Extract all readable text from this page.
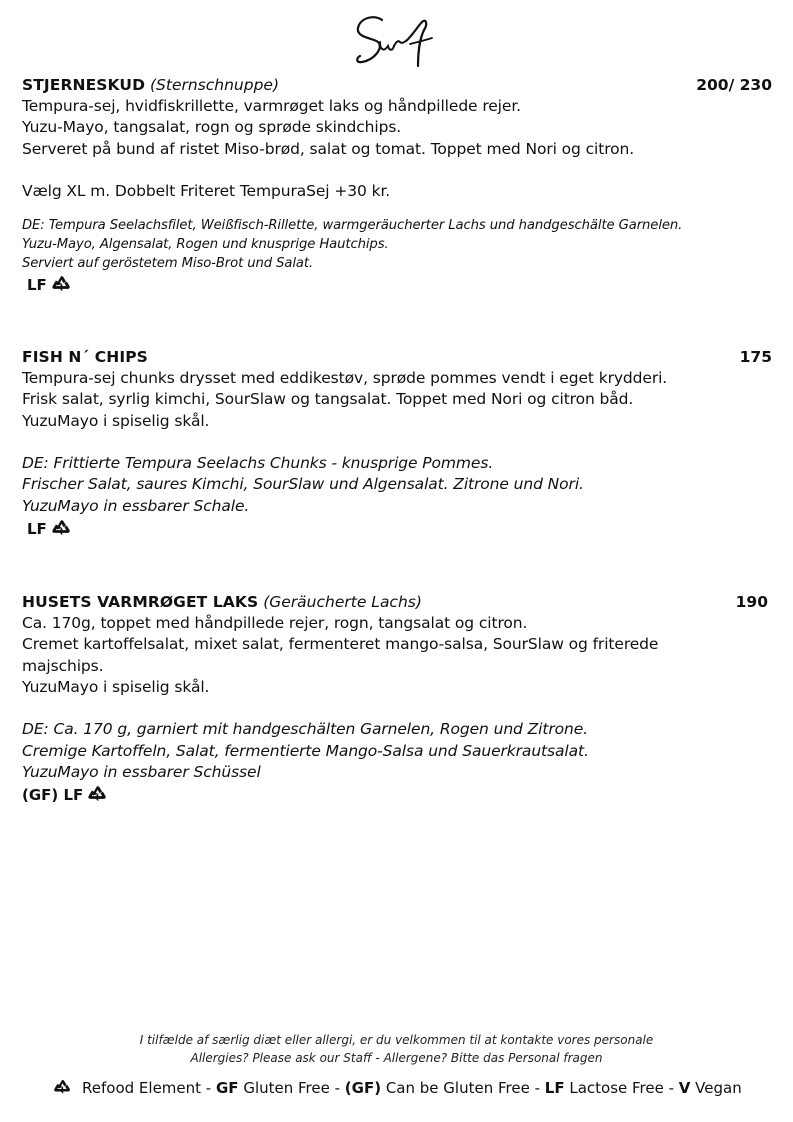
STJERNESKUD (Sternschnuppe)	200/ 230
Tempura-sej, hvidfiskrillette, varmrøget laks og håndpillede rejer.
Yuzu-Mayo, tangsalat, rogn og sprøde skindchips.
Serveret på bund af ristet Miso-brød, salat og tomat. Toppet med Nori og citron.
Vælg XL m. Dobbelt Friteret TempuraSej +30 kr.
DE: Tempura Seelachsfilet, Weißfisch-Rillette, warmgeräucherter Lachs und handgeschälte Garnelen.
Yuzu-Mayo, Algensalat, Rogen und knusprige Hautchips.
Serviert auf geröstetem Miso-Brot und Salat.
LF
FISH N´ CHIPS	175
Tempura-sej chunks drysset med eddikestøv, sprøde pommes vendt i eget krydderi.
Frisk salat, syrlig kimchi, SourSlaw og tangsalat. Toppet med Nori og citron båd.
YuzuMayo i spiselig skål.
DE: Frittierte Tempura Seelachs Chunks - knusprige Pommes.
Frischer Salat, saures Kimchi, SourSlaw und Algensalat. Zitrone und Nori.
YuzuMayo in essbarer Schale.
LF
HUSETS VARMRØGET LAKS (Geräucherte Lachs)	190
Ca. 170g, toppet med håndpillede rejer, rogn, tangsalat og citron.
Cremet kartoffelsalat, mixet salat, fermenteret mango-salsa, SourSlaw og friterede
majschips.
YuzuMayo i spiselig skål.
DE: Ca. 170 g, garniert mit handgeschälten Garnelen, Rogen und Zitrone.
Cremige Kartoffeln, Salat, fermentierte Mango-Salsa und Sauerkrautsalat.
YuzuMayo in essbarer Schüssel
(GF) LF
I tilfælde af særlig diæt eller allergi, er du velkommen til at kontakte vores personale
Allergies? Please ask our Staff - Allergene? Bitte das Personal fragen
Refood Element - GF Gluten Free - (GF) Can be Gluten Free - LF Lactose Free - V Vegan
